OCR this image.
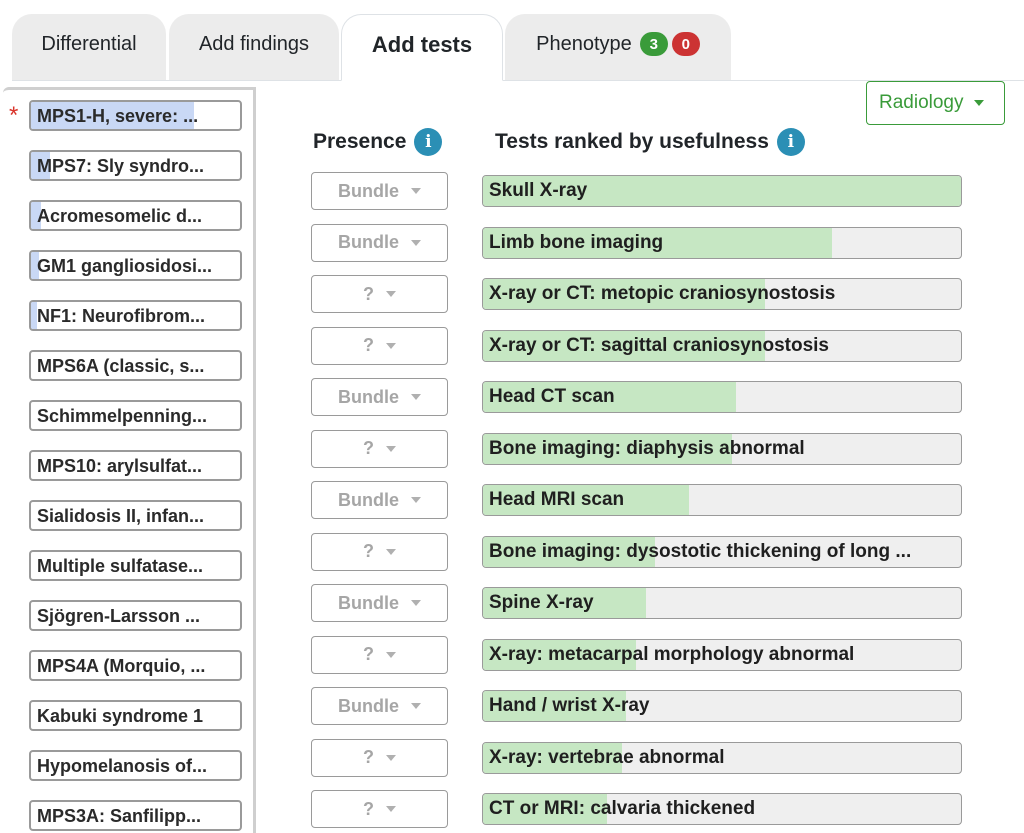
Differential	Add findings	Add tests	Phenotype	3	0
*	MPS1-H, severe: ...
MPS7: Sly syndro...
Acromesomelic d...
GM1 gangliosidosi...
NF1: Neurofibrom...
MPS6A (classic, s...
Schimmelpenning...
MPS10: arylsulfat...
Sialidosis II, infan...
Multiple sulfatase...
Sjögren-Larsson ...
MPS4A (Morquio, ...
Kabuki syndrome 1
Hypomelanosis of...
MPS3A: Sanfilipp...
Radiology
Presence	i	Tests ranked by usefulness	i
Bundle	Skull X-ray
Bundle	Limb bone imaging
?	X-ray or CT: metopic craniosynostosis
?	X-ray or CT: sagittal craniosynostosis
Bundle	Head CT scan
?	Bone imaging: diaphysis abnormal
Bundle	Head MRI scan
?	Bone imaging: dysostotic thickening of long ...
Bundle	Spine X-ray
?	X-ray: metacarpal morphology abnormal
Bundle	Hand / wrist X-ray
?	X-ray: vertebrae abnormal
?	CT or MRI: calvaria thickened
